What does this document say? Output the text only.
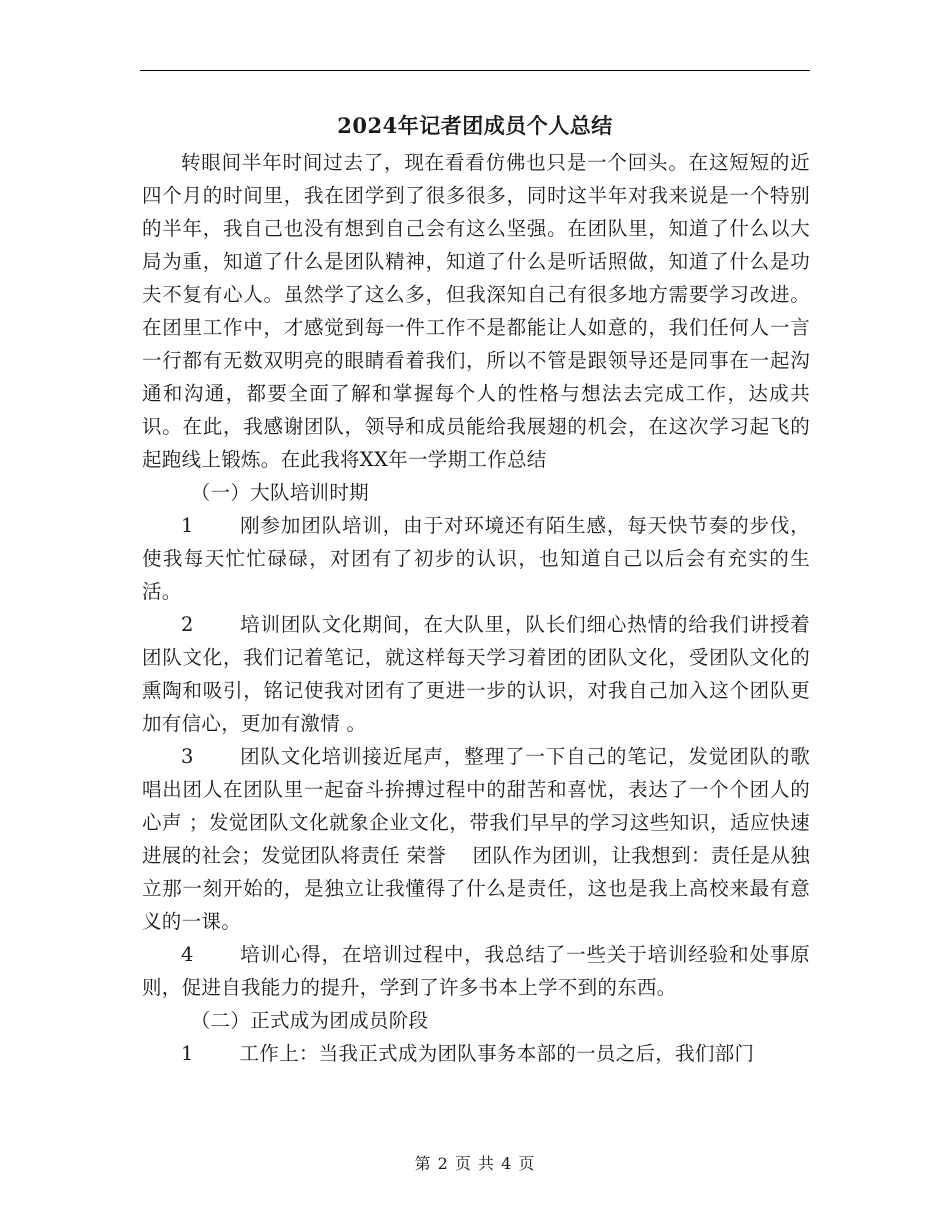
2024年记者团成员个人总结

转眼间半年时间过去了，现在看看仿佛也只是一个回头。在这短短的近四个月的时间里，我在团学到了很多很多，同时这半年对我来说是一个特别的半年，我自己也没有想到自己会有这么坚强。在团队里，知道了什么以大局为重，知道了什么是团队精神，知道了什么是听话照做，知道了什么是功夫不复有心人。虽然学了这么多，但我深知自己有很多地方需要学习改进。在团里工作中，才感觉到每一件工作不是都能让人如意的，我们任何人一言一行都有无数双明亮的眼睛看着我们，所以不管是跟领导还是同事在一起沟通和沟通，都要全面了解和掌握每个人的性格与想法去完成工作，达成共识。在此，我感谢团队，领导和成员能给我展翅的机会，在这次学习起飞的起跑线上锻炼。在此我将XX年一学期工作总结

（一）大队培训时期

1 刚参加团队培训，由于对环境还有陌生感，每天快节奏的步伐，使我每天忙忙碌碌，对团有了初步的认识，也知道自己以后会有充实的生活。

2 培训团队文化期间，在大队里，队长们细心热情的给我们讲授着团队文化，我们记着笔记，就这样每天学习着团的团队文化，受团队文化的熏陶和吸引，铭记使我对团有了更进一步的认识，对我自己加入这个团队更加有信心，更加有激情 。

3 团队文化培训接近尾声，整理了一下自己的笔记，发觉团队的歌唱出团人在团队里一起奋斗拚搏过程中的甜苦和喜忧，表达了一个个团人的心声 ；发觉团队文化就象企业文化，带我们早早的学习这些知识，适应快速进展的社会；发觉团队将责任 荣誉　 团队作为团训，让我想到：责任是从独立那一刻开始的，是独立让我懂得了什么是责任，这也是我上高校来最有意义的一课。

4 培训心得，在培训过程中，我总结了一些关于培训经验和处事原则，促进自我能力的提升，学到了许多书本上学不到的东西。

（二）正式成为团成员阶段

1 工作上：当我正式成为团队事务本部的一员之后，我们部门

第 2 页 共 4 页
